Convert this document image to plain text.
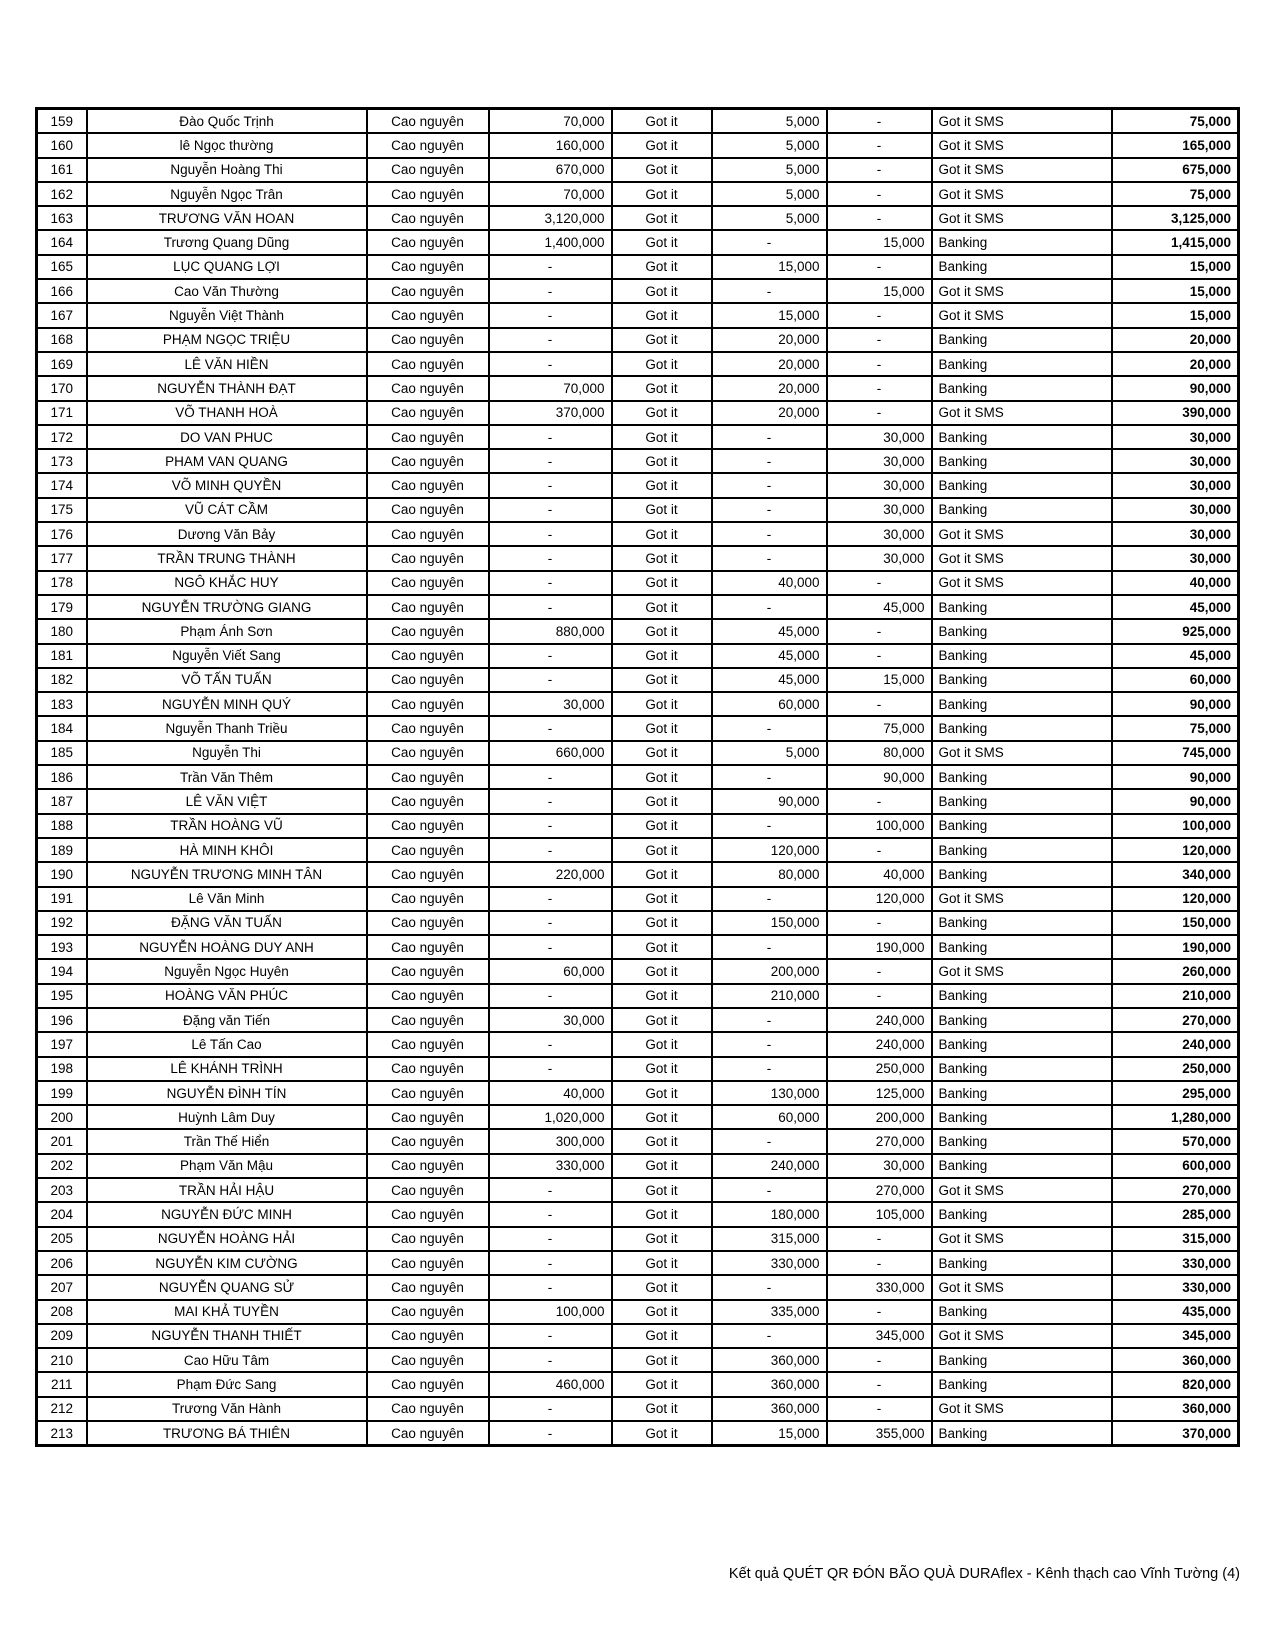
159	Đào Quốc Trịnh	Cao nguyên	70,000	Got it	5,000	-	Got it SMS	75,000
160	lê Ngọc thường	Cao nguyên	160,000	Got it	5,000	-	Got it SMS	165,000
161	Nguyễn Hoàng Thi	Cao nguyên	670,000	Got it	5,000	-	Got it SMS	675,000
162	Nguyễn Ngọc Trân	Cao nguyên	70,000	Got it	5,000	-	Got it SMS	75,000
163	TRƯƠNG VĂN HOAN	Cao nguyên	3,120,000	Got it	5,000	-	Got it SMS	3,125,000
164	Trương Quang Dũng	Cao nguyên	1,400,000	Got it	-	15,000	Banking	1,415,000
165	LỤC QUANG LỢI	Cao nguyên	-	Got it	15,000	-	Banking	15,000
166	Cao Văn Thường	Cao nguyên	-	Got it	-	15,000	Got it SMS	15,000
167	Nguyễn Việt Thành	Cao nguyên	-	Got it	15,000	-	Got it SMS	15,000
168	PHẠM NGỌC TRIỆU	Cao nguyên	-	Got it	20,000	-	Banking	20,000
169	LÊ VĂN HIỀN	Cao nguyên	-	Got it	20,000	-	Banking	20,000
170	NGUYỄN THÀNH ĐẠT	Cao nguyên	70,000	Got it	20,000	-	Banking	90,000
171	VÕ THANH HOÀ	Cao nguyên	370,000	Got it	20,000	-	Got it SMS	390,000
172	DO VAN PHUC	Cao nguyên	-	Got it	-	30,000	Banking	30,000
173	PHAM VAN QUANG	Cao nguyên	-	Got it	-	30,000	Banking	30,000
174	VÕ MINH QUYỀN	Cao nguyên	-	Got it	-	30,000	Banking	30,000
175	VŨ CÁT CẦM	Cao nguyên	-	Got it	-	30,000	Banking	30,000
176	Dương Văn Bảy	Cao nguyên	-	Got it	-	30,000	Got it SMS	30,000
177	TRẦN TRUNG THÀNH	Cao nguyên	-	Got it	-	30,000	Got it SMS	30,000
178	NGÔ KHẮC HUY	Cao nguyên	-	Got it	40,000	-	Got it SMS	40,000
179	NGUYỄN TRƯỜNG GIANG	Cao nguyên	-	Got it	-	45,000	Banking	45,000
180	Phạm Ánh Sơn	Cao nguyên	880,000	Got it	45,000	-	Banking	925,000
181	Nguyễn Viết Sang	Cao nguyên	-	Got it	45,000	-	Banking	45,000
182	VÕ TẤN TUẤN	Cao nguyên	-	Got it	45,000	15,000	Banking	60,000
183	NGUYỄN MINH QUÝ	Cao nguyên	30,000	Got it	60,000	-	Banking	90,000
184	Nguyễn Thanh Triều	Cao nguyên	-	Got it	-	75,000	Banking	75,000
185	Nguyễn Thi	Cao nguyên	660,000	Got it	5,000	80,000	Got it SMS	745,000
186	Trần Văn Thêm	Cao nguyên	-	Got it	-	90,000	Banking	90,000
187	LÊ VĂN VIỆT	Cao nguyên	-	Got it	90,000	-	Banking	90,000
188	TRẦN HOÀNG VŨ	Cao nguyên	-	Got it	-	100,000	Banking	100,000
189	HÀ MINH KHÔI	Cao nguyên	-	Got it	120,000	-	Banking	120,000
190	NGUYỄN TRƯƠNG MINH TÂN	Cao nguyên	220,000	Got it	80,000	40,000	Banking	340,000
191	Lê Văn Minh	Cao nguyên	-	Got it	-	120,000	Got it SMS	120,000
192	ĐẶNG VĂN TUẤN	Cao nguyên	-	Got it	150,000	-	Banking	150,000
193	NGUYỄN HOÀNG DUY ANH	Cao nguyên	-	Got it	-	190,000	Banking	190,000
194	Nguyễn Ngọc Huyên	Cao nguyên	60,000	Got it	200,000	-	Got it SMS	260,000
195	HOÀNG VĂN PHÚC	Cao nguyên	-	Got it	210,000	-	Banking	210,000
196	Đặng văn Tiến	Cao nguyên	30,000	Got it	-	240,000	Banking	270,000
197	Lê Tấn Cao	Cao nguyên	-	Got it	-	240,000	Banking	240,000
198	LÊ KHÁNH TRÌNH	Cao nguyên	-	Got it	-	250,000	Banking	250,000
199	NGUYỄN ĐÌNH TÍN	Cao nguyên	40,000	Got it	130,000	125,000	Banking	295,000
200	Huỳnh Lâm Duy	Cao nguyên	1,020,000	Got it	60,000	200,000	Banking	1,280,000
201	Trần Thế Hiển	Cao nguyên	300,000	Got it	-	270,000	Banking	570,000
202	Phạm Văn Mậu	Cao nguyên	330,000	Got it	240,000	30,000	Banking	600,000
203	TRẦN HẢI HẬU	Cao nguyên	-	Got it	-	270,000	Got it SMS	270,000
204	NGUYỄN ĐỨC MINH	Cao nguyên	-	Got it	180,000	105,000	Banking	285,000
205	NGUYỄN HOÀNG HẢI	Cao nguyên	-	Got it	315,000	-	Got it SMS	315,000
206	NGUYỄN KIM CƯỜNG	Cao nguyên	-	Got it	330,000	-	Banking	330,000
207	NGUYỄN QUANG SỬ	Cao nguyên	-	Got it	-	330,000	Got it SMS	330,000
208	MAI KHẢ TUYỀN	Cao nguyên	100,000	Got it	335,000	-	Banking	435,000
209	NGUYỄN THANH THIẾT	Cao nguyên	-	Got it	-	345,000	Got it SMS	345,000
210	Cao Hữu Tâm	Cao nguyên	-	Got it	360,000	-	Banking	360,000
211	Phạm Đức Sang	Cao nguyên	460,000	Got it	360,000	-	Banking	820,000
212	Trương Văn Hành	Cao nguyên	-	Got it	360,000	-	Got it SMS	360,000
213	TRƯƠNG BÁ THIÊN	Cao nguyên	-	Got it	15,000	355,000	Banking	370,000
Kết quả QUÉT QR ĐÓN BÃO QUÀ DURAflex - Kênh thạch cao Vĩnh Tường (4)
